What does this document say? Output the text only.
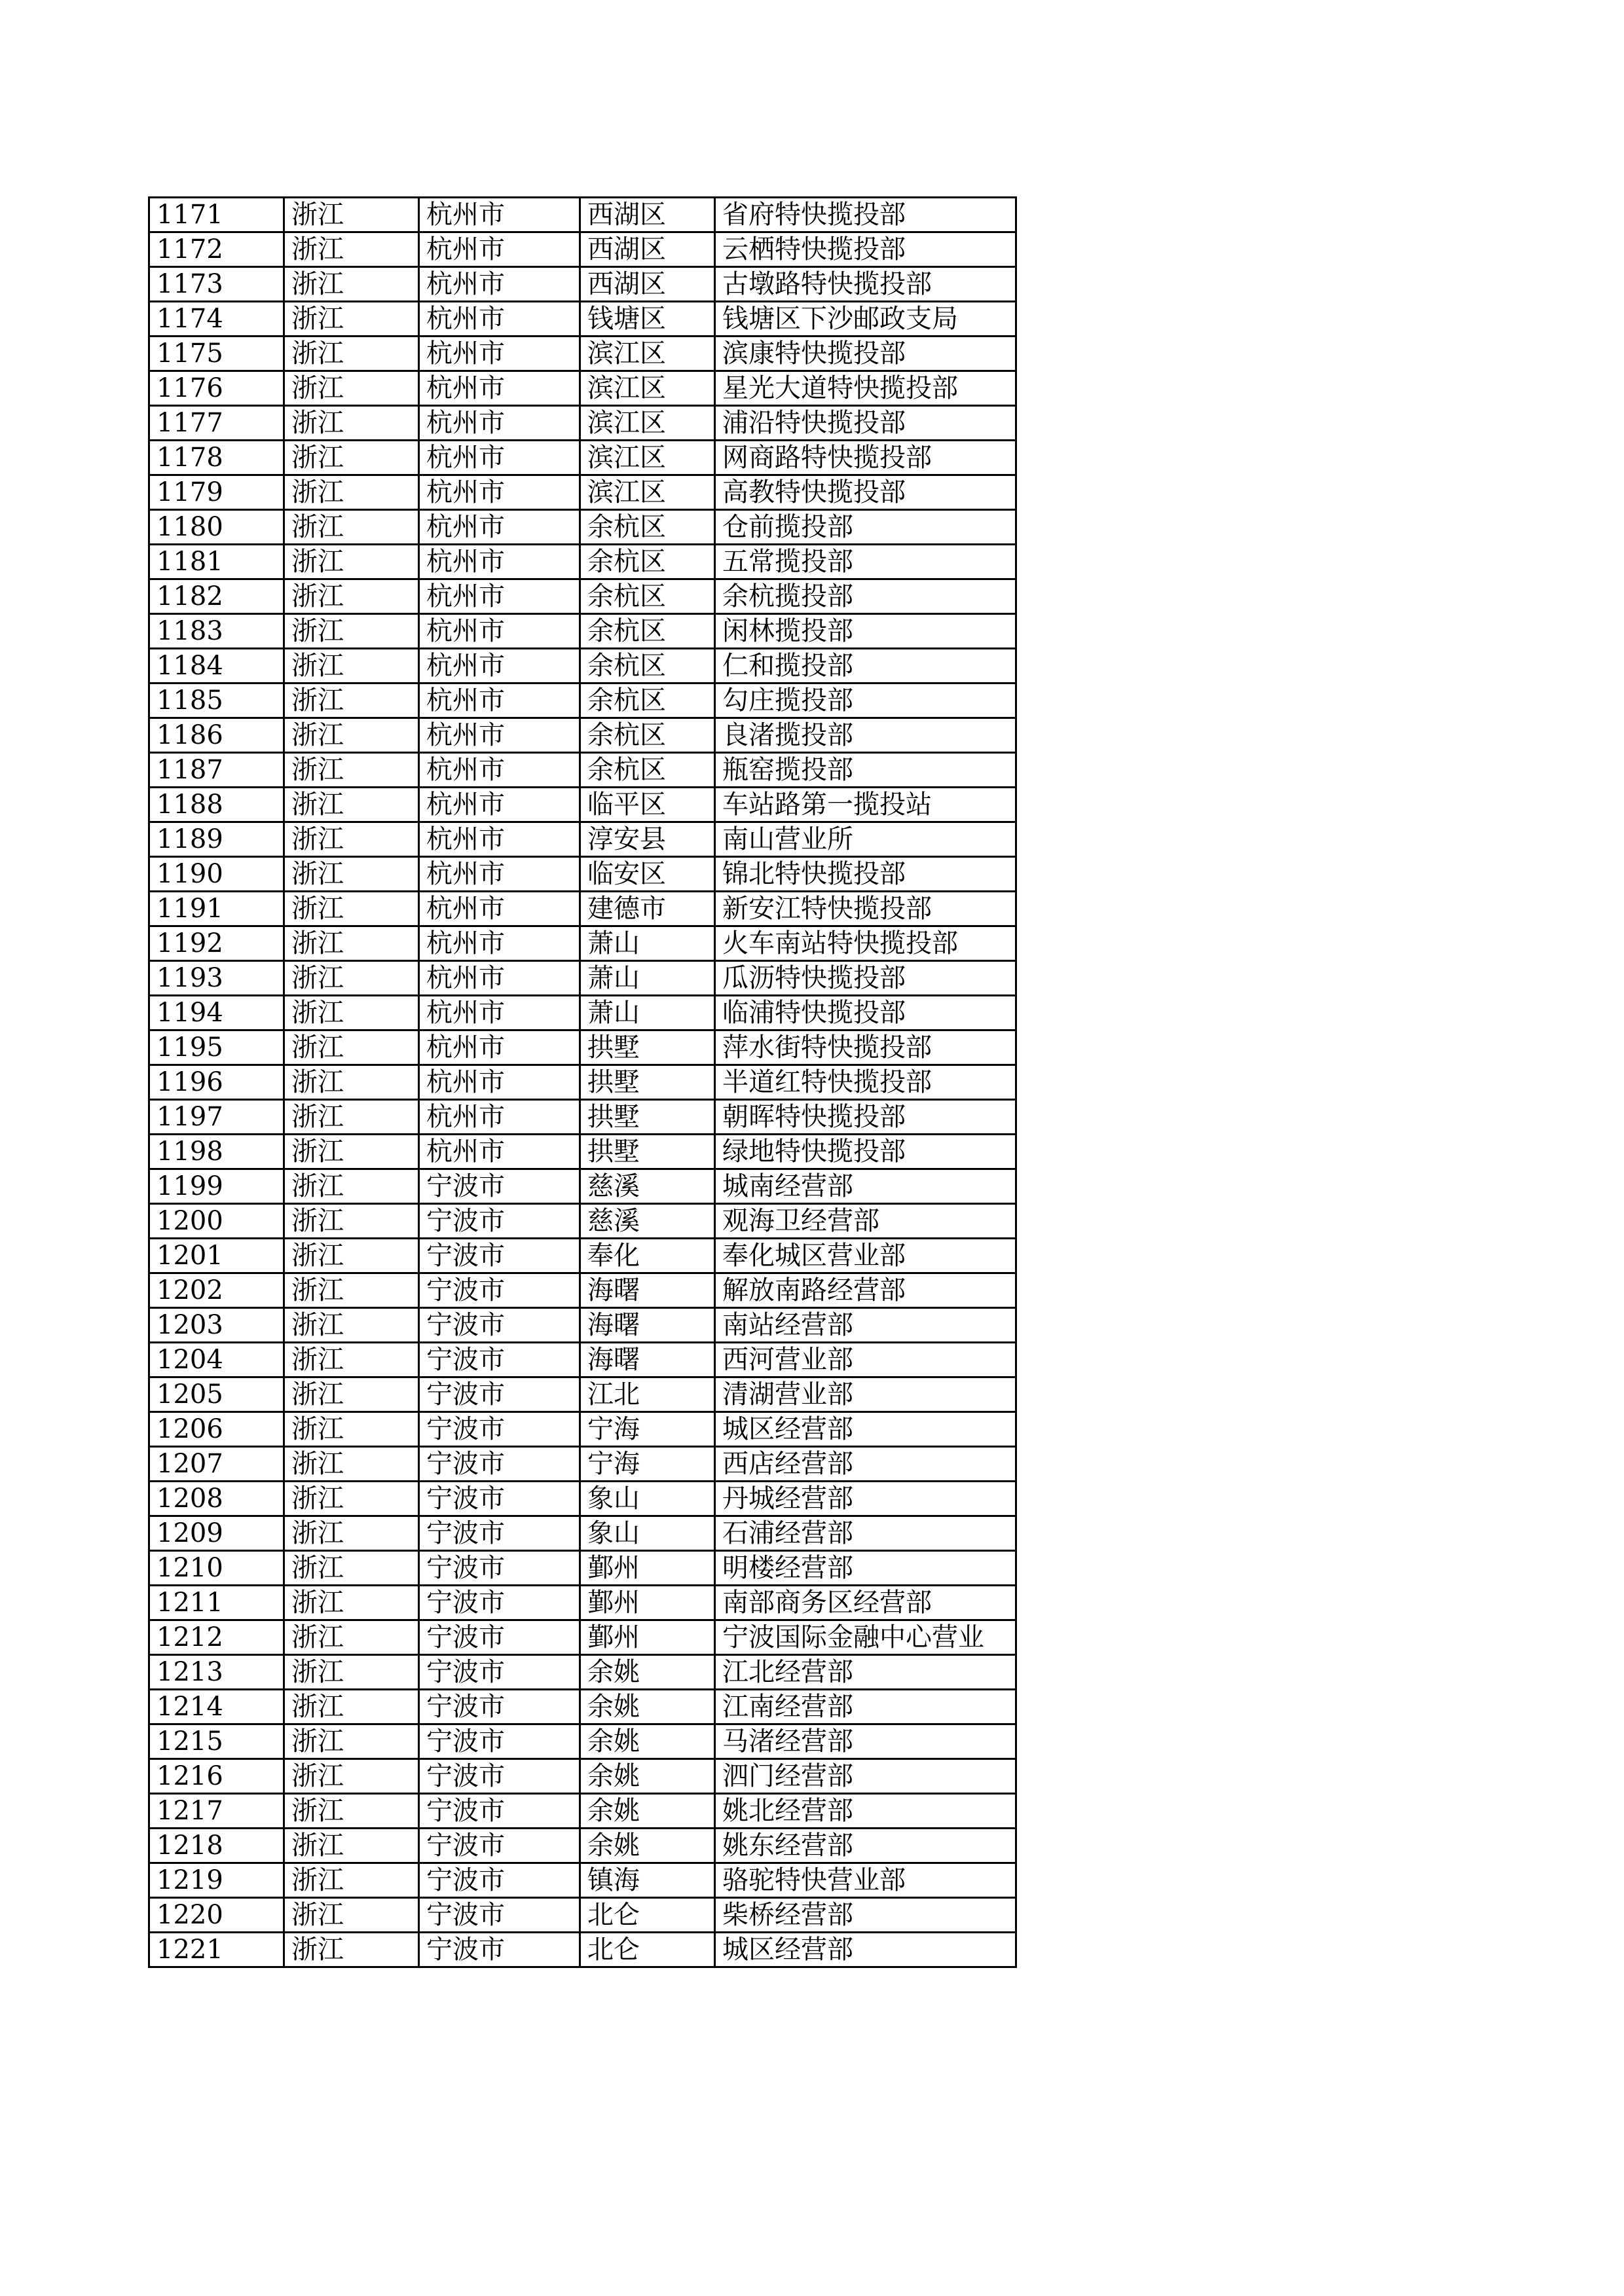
1171	浙江	杭州市	西湖区	省府特快揽投部
1172	浙江	杭州市	西湖区	云栖特快揽投部
1173	浙江	杭州市	西湖区	古墩路特快揽投部
1174	浙江	杭州市	钱塘区	钱塘区下沙邮政支局
1175	浙江	杭州市	滨江区	滨康特快揽投部
1176	浙江	杭州市	滨江区	星光大道特快揽投部
1177	浙江	杭州市	滨江区	浦沿特快揽投部
1178	浙江	杭州市	滨江区	网商路特快揽投部
1179	浙江	杭州市	滨江区	高教特快揽投部
1180	浙江	杭州市	余杭区	仓前揽投部
1181	浙江	杭州市	余杭区	五常揽投部
1182	浙江	杭州市	余杭区	余杭揽投部
1183	浙江	杭州市	余杭区	闲林揽投部
1184	浙江	杭州市	余杭区	仁和揽投部
1185	浙江	杭州市	余杭区	勾庄揽投部
1186	浙江	杭州市	余杭区	良渚揽投部
1187	浙江	杭州市	余杭区	瓶窑揽投部
1188	浙江	杭州市	临平区	车站路第一揽投站
1189	浙江	杭州市	淳安县	南山营业所
1190	浙江	杭州市	临安区	锦北特快揽投部
1191	浙江	杭州市	建德市	新安江特快揽投部
1192	浙江	杭州市	萧山	火车南站特快揽投部
1193	浙江	杭州市	萧山	瓜沥特快揽投部
1194	浙江	杭州市	萧山	临浦特快揽投部
1195	浙江	杭州市	拱墅	萍水街特快揽投部
1196	浙江	杭州市	拱墅	半道红特快揽投部
1197	浙江	杭州市	拱墅	朝晖特快揽投部
1198	浙江	杭州市	拱墅	绿地特快揽投部
1199	浙江	宁波市	慈溪	城南经营部
1200	浙江	宁波市	慈溪	观海卫经营部
1201	浙江	宁波市	奉化	奉化城区营业部
1202	浙江	宁波市	海曙	解放南路经营部
1203	浙江	宁波市	海曙	南站经营部
1204	浙江	宁波市	海曙	西河营业部
1205	浙江	宁波市	江北	清湖营业部
1206	浙江	宁波市	宁海	城区经营部
1207	浙江	宁波市	宁海	西店经营部
1208	浙江	宁波市	象山	丹城经营部
1209	浙江	宁波市	象山	石浦经营部
1210	浙江	宁波市	鄞州	明楼经营部
1211	浙江	宁波市	鄞州	南部商务区经营部
1212	浙江	宁波市	鄞州	宁波国际金融中心营业
1213	浙江	宁波市	余姚	江北经营部
1214	浙江	宁波市	余姚	江南经营部
1215	浙江	宁波市	余姚	马渚经营部
1216	浙江	宁波市	余姚	泗门经营部
1217	浙江	宁波市	余姚	姚北经营部
1218	浙江	宁波市	余姚	姚东经营部
1219	浙江	宁波市	镇海	骆驼特快营业部
1220	浙江	宁波市	北仑	柴桥经营部
1221	浙江	宁波市	北仑	城区经营部
